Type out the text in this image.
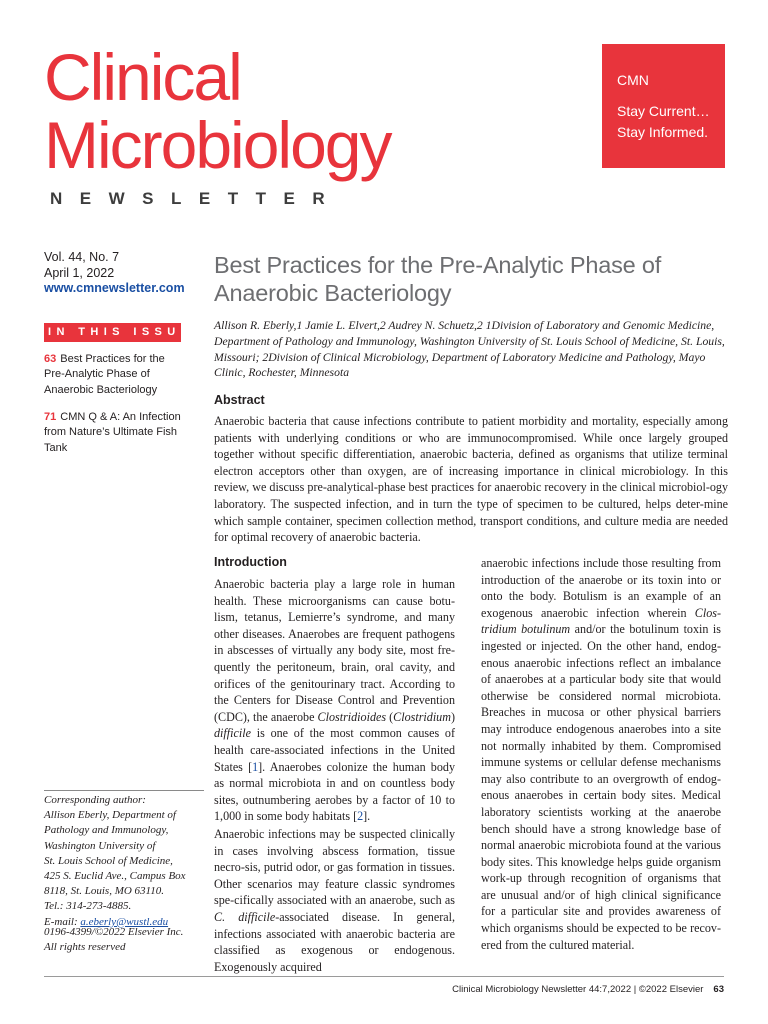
Clinical
Microbiology
NEWSLETTER
CMN
Stay Current…
Stay Informed.
Vol. 44, No. 7
April 1, 2022
www.cmnewsletter.com
IN THIS ISSUE
63 Best Practices for the Pre-Analytic Phase of Anaerobic Bacteriology
71 CMN Q & A: An Infection from Nature’s Ultimate Fish Tank
Corresponding author:
Allison Eberly, Department of
Pathology and Immunology,
Washington University of
St. Louis School of Medicine,
425 S. Euclid Ave., Campus Box
8118, St. Louis, MO 63110.
Tel.: 314-273-4885.
E-mail: a.eberly@wustl.edu
0196-4399/©2022 Elsevier Inc.
All rights reserved
Best Practices for the Pre-Analytic Phase of Anaerobic Bacteriology
Allison R. Eberly,1 Jamie L. Elvert,2 Audrey N. Schuetz,2 1Division of Laboratory and Genomic Medicine, Department of Pathology and Immunology, Washington University of St. Louis School of Medicine, St. Louis, Missouri; 2Division of Clinical Microbiology, Department of Laboratory Medicine and Pathology, Mayo Clinic, Rochester, Minnesota
Abstract
Anaerobic bacteria that cause infections contribute to patient morbidity and mortality, especially among patients with underlying conditions or who are immunocompromised. While once largely grouped together without specific differentiation, anaerobic bacteria, defined as organisms that utilize terminal electron acceptors other than oxygen, are of increasing importance in clinical microbiology. In this review, we discuss pre-analytical-phase best practices for anaerobic recovery in the clinical microbiol-ogy laboratory. The suspected infection, and in turn the type of specimen to be cultured, helps deter-mine which sample container, specimen collection method, transport conditions, and culture media are needed for optimal recovery of anaerobic bacteria.
Introduction
Anaerobic bacteria play a large role in human health. These microorganisms can cause botu-lism, tetanus, Lemierre’s syndrome, and many other diseases. Anaerobes are frequent pathogens in abscesses of virtually any body site, most fre-quently the peritoneum, brain, oral cavity, and orifices of the genitourinary tract. According to the Centers for Disease Control and Prevention (CDC), the anaerobe Clostridioides (Clostridium) difficile is one of the most common causes of health care-associated infections in the United States [1]. Anaerobes colonize the human body as normal microbiota in and on countless body sites, outnumbering aerobes by a factor of 10 to 1,000 in some body habitats [2].
Anaerobic infections may be suspected clinically in cases involving abscess formation, tissue necro-sis, putrid odor, or gas formation in tissues. Other scenarios may feature classic syndromes spe-cifically associated with an anaerobe, such as C. difficile-associated disease. In general, infections associated with anaerobic bacteria are classified as exogenous or endogenous. Exogenously acquired
anaerobic infections include those resulting from introduction of the anaerobe or its toxin into or onto the body. Botulism is an example of an exogenous anaerobic infection wherein Clos-tridium botulinum and/or the botulinum toxin is ingested or injected. On the other hand, endog-enous anaerobic infections reflect an imbalance of anaerobes at a particular body site that would otherwise be considered normal microbiota. Breaches in mucosa or other physical barriers may introduce endogenous anaerobes into a site not normally inhabited by them. Compromised immune systems or cellular defense mechanisms may also contribute to an overgrowth of endog-enous anaerobes in certain body sites. Medical laboratory scientists working at the anaerobe bench should have a strong knowledge base of normal anaerobic microbiota found at the various body sites. This knowledge helps guide organism work-up through recognition of organisms that are unusual and/or of high clinical significance for a particular site and provides awareness of which organisms should be expected to be recov-ered from the cultured material.
Clinical Microbiology Newsletter 44:7,2022 | ©2022 Elsevier 63
